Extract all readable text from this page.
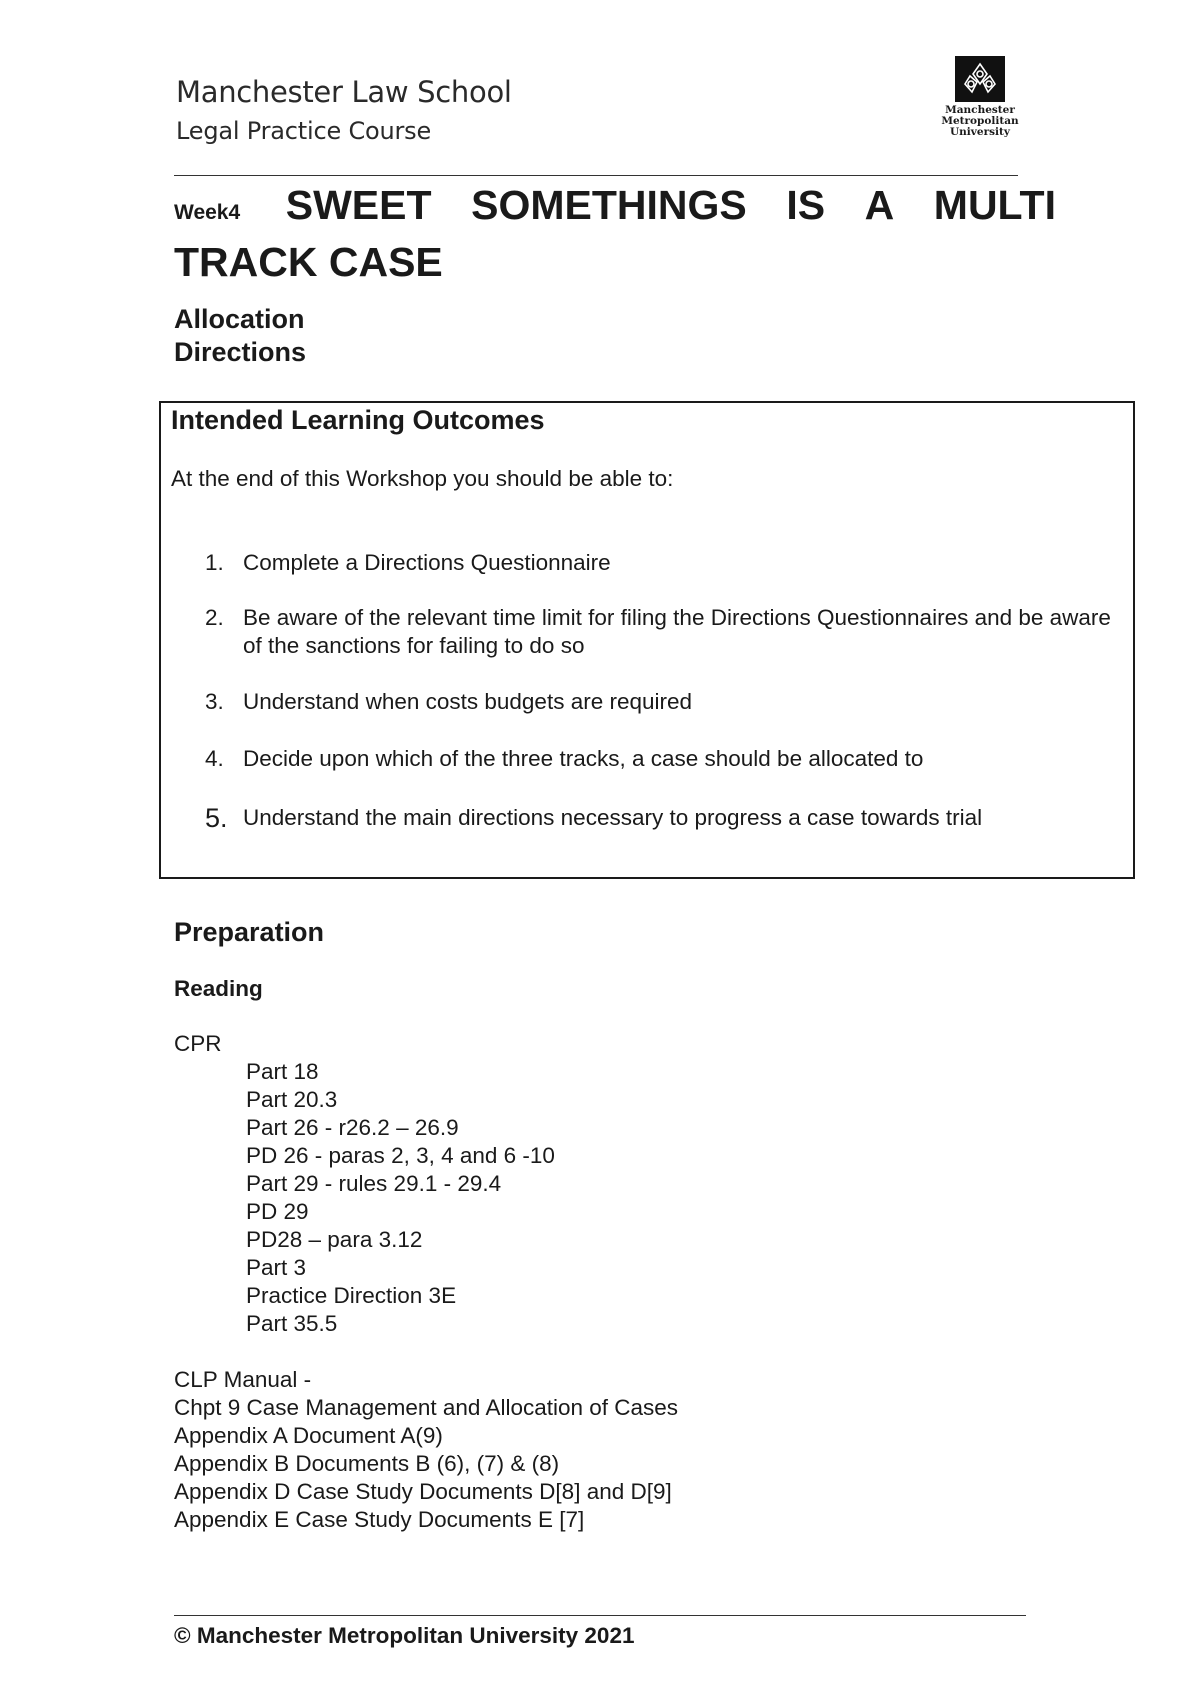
Manchester Law School
Legal Practice Course
Manchester
Metropolitan
University
Week4 SWEET SOMETHINGS IS A MULTI
TRACK CASE
Allocation
Directions
Intended Learning Outcomes
At the end of this Workshop you should be able to:
1. Complete a Directions Questionnaire
2. Be aware of the relevant time limit for filing the Directions Questionnaires and be aware of the sanctions for failing to do so
3. Understand when costs budgets are required
4. Decide upon which of the three tracks, a case should be allocated to
5. Understand the main directions necessary to progress a case towards trial
Preparation
Reading
CPR
Part 18
Part 20.3
Part 26 - r26.2 – 26.9
PD 26 - paras 2, 3, 4 and 6 -10
Part 29 - rules 29.1 - 29.4
PD 29
PD28 – para 3.12
Part 3
Practice Direction 3E
Part 35.5
CLP Manual -
Chpt 9 Case Management and Allocation of Cases
Appendix A Document A(9)
Appendix B Documents B (6), (7) & (8)
Appendix D Case Study Documents D[8] and D[9]
Appendix E Case Study Documents E [7]
© Manchester Metropolitan University 2021
